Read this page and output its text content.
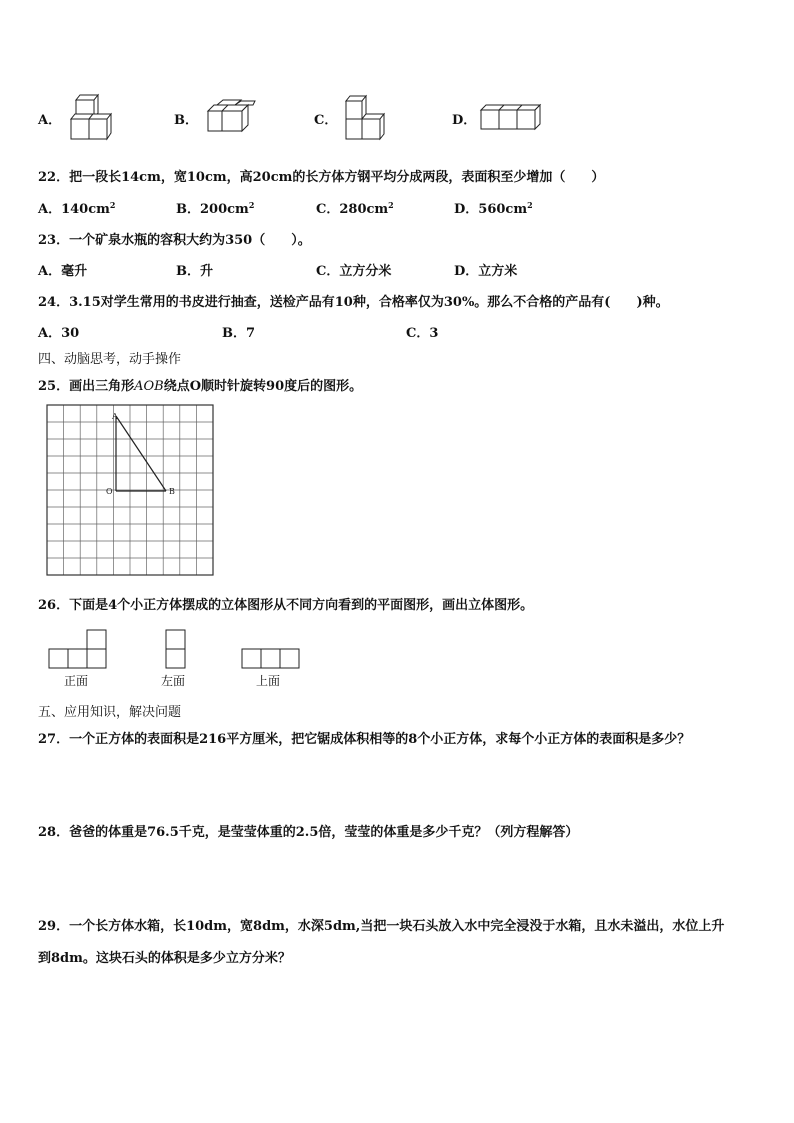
A．	B．	C．	D．
22．把一段长14cm，宽10cm，高20cm的长方体方钢平均分成两段，表面积至少增加（　　）
A．$140cm^2$	B．$200cm^2$	C．$280cm^2$	D．$560cm^2$
23．一个矿泉水瓶的容积大约为350（　　）。
A．毫升	B．升	C．立方分米	D．立方米
24．3.15对学生常用的书皮进行抽查，送检产品有10种，合格率仅为30%。那么不合格的产品有(　　)种。
A．30	B．7	C．3
四、动脑思考，动手操作
25．画出三角形AOB绕点O顺时针旋转90度后的图形。
A
O	B
26．下面是4个小正方体摆成的立体图形从不同方向看到的平面图形，画出立体图形。
正面	左面	上面
五、应用知识，解决问题
27．一个正方体的表面积是216平方厘米，把它锯成体积相等的8个小正方体，求每个小正方体的表面积是多少？
28．爸爸的体重是76.5千克，是莹莹体重的2.5倍，莹莹的体重是多少千克？（列方程解答）
29．一个长方体水箱，长10dm，宽8dm，水深5dm,当把一块石头放入水中完全浸没于水箱，且水未溢出，水位上升
到8dm。这块石头的体积是多少立方分米？
